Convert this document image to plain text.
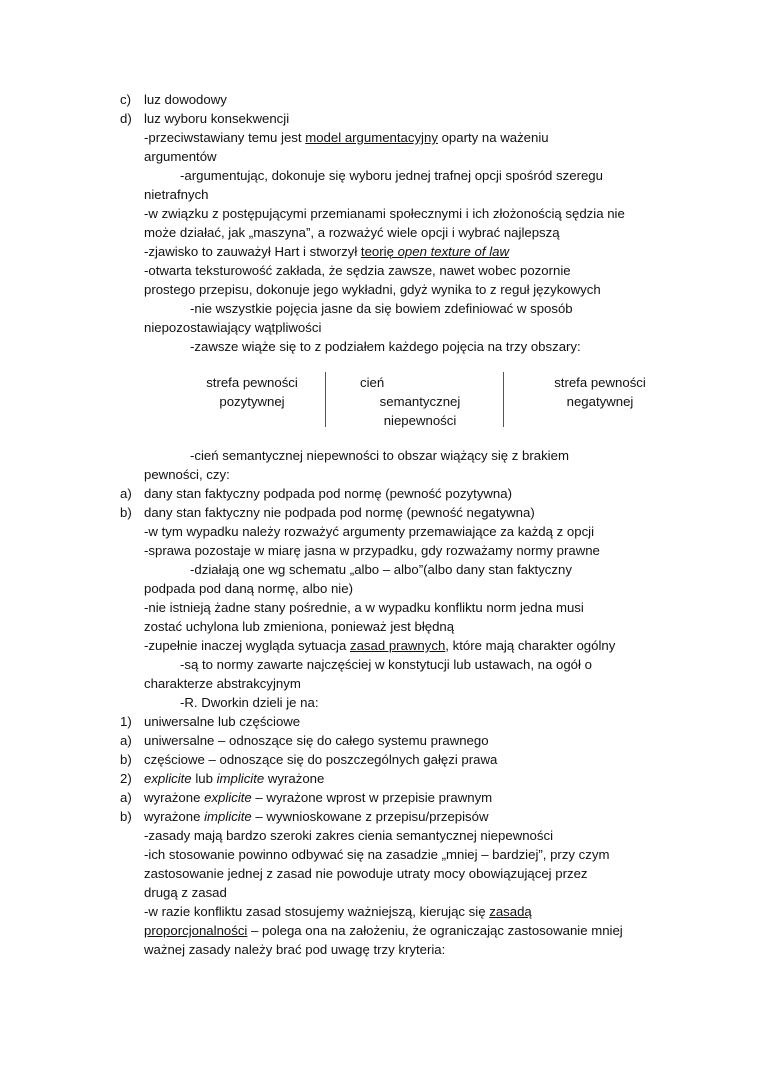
c) luz dowodowy
d) luz wyboru konsekwencji
-przeciwstawiany temu jest model argumentacyjny oparty na ważeniu
argumentów
-argumentując, dokonuje się wyboru jednej trafnej opcji spośród szeregu
nietrafnych
-w związku z postępującymi przemianami społecznymi i ich złożonością sędzia nie
może działać, jak „maszyna”, a rozważyć wiele opcji i wybrać najlepszą
-zjawisko to zauważył Hart i stworzył teorię open texture of law
-otwarta teksturowość zakłada, że sędzia zawsze, nawet wobec pozornie
prostego przepisu, dokonuje jego wykładni, gdyż wynika to z reguł językowych
-nie wszystkie pojęcia jasne da się bowiem zdefiniować w sposób
niepozostawiający wątpliwości
-zawsze wiąże się to z podziałem każdego pojęcia na trzy obszary:
strefa pewności
pozytywnej
cień
semantycznej
niepewności
strefa pewności
negatywnej
-cień semantycznej niepewności to obszar wiążący się z brakiem
pewności, czy:
a) dany stan faktyczny podpada pod normę (pewność pozytywna)
b) dany stan faktyczny nie podpada pod normę (pewność negatywna)
-w tym wypadku należy rozważyć argumenty przemawiające za każdą z opcji
-sprawa pozostaje w miarę jasna w przypadku, gdy rozważamy normy prawne
-działają one wg schematu „albo – albo”(albo dany stan faktyczny
podpada pod daną normę, albo nie)
-nie istnieją żadne stany pośrednie, a w wypadku konfliktu norm jedna musi
zostać uchylona lub zmieniona, ponieważ jest błędną
-zupełnie inaczej wygląda sytuacja zasad prawnych, które mają charakter ogólny
-są to normy zawarte najczęściej w konstytucji lub ustawach, na ogół o
charakterze abstrakcyjnym
-R. Dworkin dzieli je na:
1) uniwersalne lub częściowe
a) uniwersalne – odnoszące się do całego systemu prawnego
b) częściowe – odnoszące się do poszczególnych gałęzi prawa
2) explicite lub implicite wyrażone
a) wyrażone explicite – wyrażone wprost w przepisie prawnym
b) wyrażone implicite – wywnioskowane z przepisu/przepisów
-zasady mają bardzo szeroki zakres cienia semantycznej niepewności
-ich stosowanie powinno odbywać się na zasadzie „mniej – bardziej”, przy czym
zastosowanie jednej z zasad nie powoduje utraty mocy obowiązującej przez
drugą z zasad
-w razie konfliktu zasad stosujemy ważniejszą, kierując się zasadą
proporcjonalności – polega ona na założeniu, że ograniczając zastosowanie mniej
ważnej zasady należy brać pod uwagę trzy kryteria:
